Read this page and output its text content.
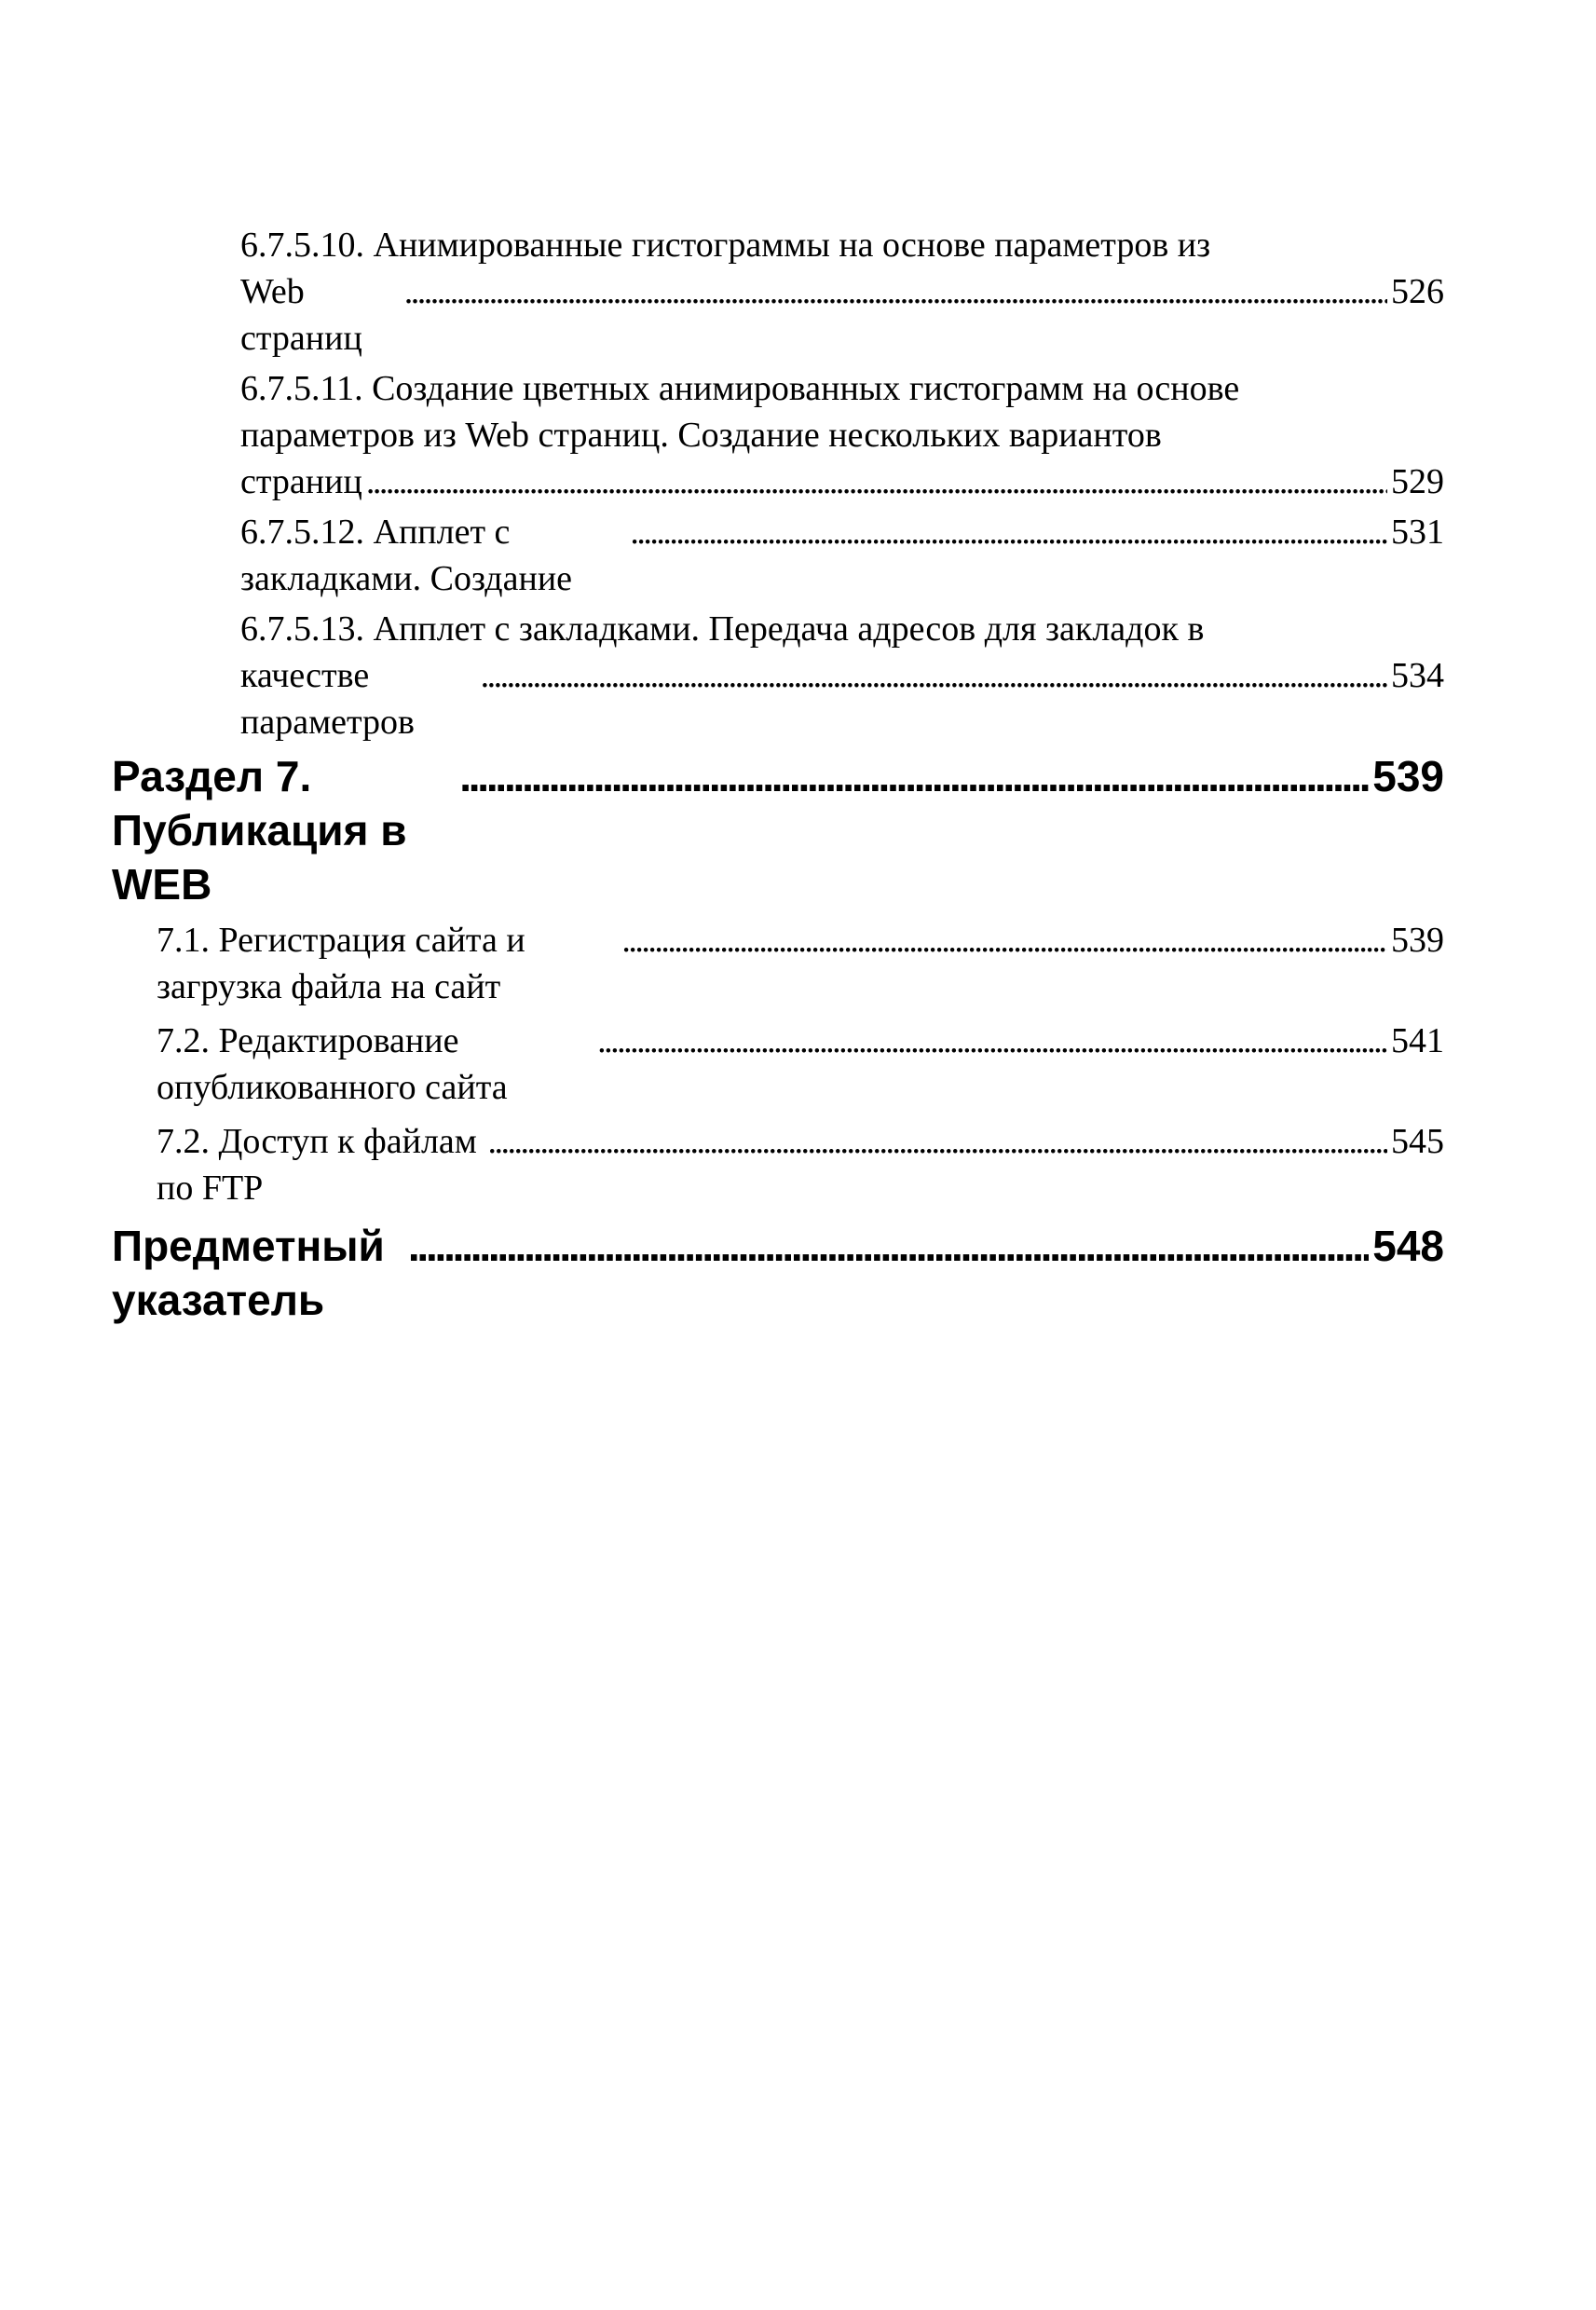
6.7.5.10. Анимированные гистограммы на основе параметров из
Web страниц
. . .
526
6.7.5.11. Создание цветных анимированных гистограмм на основе
параметров из Web страниц. Создание нескольких вариантов
страниц
. . .	529
6.7.5.12. Апплет с закладками. Создание
. . .
531
6.7.5.13. Апплет с закладками. Передача адресов для закладок в
качестве параметров
. . .
534
Раздел 7. Публикация в WEB
. . .
539
7.1. Регистрация сайта и загрузка файла на сайт
. . .
539
7.2. Редактирование опубликованного сайта
. . .
541
7.2. Доступ к файлам по FTP
. . .
545
Предметный указатель
. . .
548
